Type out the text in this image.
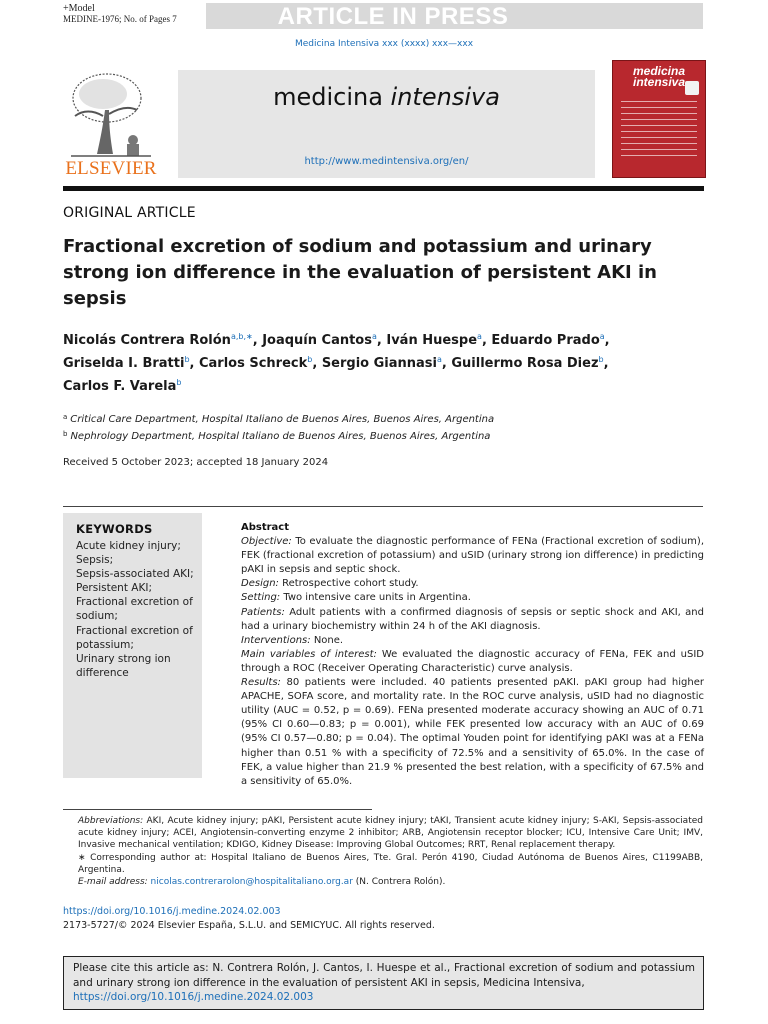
+Model
MEDINE-1976; No. of Pages 7	ARTICLE IN PRESS
Medicina Intensiva xxx (xxxx) xxx—xxx
ELSEVIER
medicina intensiva
http://www.medintensiva.org/en/
medicina
intensiva
ORIGINAL ARTICLE
Fractional excretion of sodium and potassium and urinary strong ion difference in the evaluation of persistent AKI in sepsis
Nicolás Contrera Rolón$^{a,b,∗}$, Joaquín Cantos$^a$, Iván Huespe$^a$, Eduardo Prado$^a$,
Griselda I. Bratti$^b$, Carlos Schreck$^b$, Sergio Giannasi$^a$, Guillermo Rosa Diez$^b$,
Carlos F. Varela$^b$
$^a$ Critical Care Department, Hospital Italiano de Buenos Aires, Buenos Aires, Argentina
$^b$ Nephrology Department, Hospital Italiano de Buenos Aires, Buenos Aires, Argentina
Received 5 October 2023; accepted 18 January 2024
KEYWORDS
Acute kidney injury;
Sepsis;
Sepsis-associated AKI;
Persistent AKI;
Fractional excretion of sodium;
Fractional excretion of potassium;
Urinary strong ion difference

Abstract

Objective: To evaluate the diagnostic performance of FENa (Fractional excretion of sodium), FEK (fractional excretion of potassium) and uSID (urinary strong ion difference) in predicting pAKI in sepsis and septic shock.

Design: Retrospective cohort study.

Setting: Two intensive care units in Argentina.

Patients: Adult patients with a confirmed diagnosis of sepsis or septic shock and AKI, and had a urinary biochemistry within 24 h of the AKI diagnosis.

Interventions: None.

Main variables of interest: We evaluated the diagnostic accuracy of FENa, FEK and uSID through a ROC (Receiver Operating Characteristic) curve analysis.

Results: 80 patients were included. 40 patients presented pAKI. pAKI group had higher APACHE, SOFA score, and mortality rate. In the ROC curve analysis, uSID had no diagnostic utility (AUC = 0.52, p = 0.69). FENa presented moderate accuracy showing an AUC of 0.71 (95% CI 0.60—0.83; p = 0.001), while FEK presented low accuracy with an AUC of 0.69 (95% CI 0.57—0.80; p = 0.04). The optimal Youden point for identifying pAKI was at a FENa higher than 0.51 % with a specificity of 72.5% and a sensitivity of 65.0%. In the case of FEK, a value higher than 21.9 % presented the best relation, with a specificity of 67.5% and a sensitivity of 65.0%.

Abbreviations: AKI, Acute kidney injury; pAKI, Persistent acute kidney injury; tAKI, Transient acute kidney injury; S-AKI, Sepsis-associated acute kidney injury; ACEI, Angiotensin-converting enzyme 2 inhibitor; ARB, Angiotensin receptor blocker; ICU, Intensive Care Unit; IMV, Invasive mechanical ventilation; KDIGO, Kidney Disease: Improving Global Outcomes; RRT, Renal replacement therapy.

∗ Corresponding author at: Hospital Italiano de Buenos Aires, Tte. Gral. Perón 4190, Ciudad Autónoma de Buenos Aires, C1199ABB, Argentina.

E-mail address: nicolas.contrerarolon@hospitalitaliano.org.ar (N. Contrera Rolón).

https://doi.org/10.1016/j.medine.2024.02.003
2173-5727/© 2024 Elsevier España, S.L.U. and SEMICYUC. All rights reserved.

Please cite this article as: N. Contrera Rolón, J. Cantos, I. Huespe et al., Fractional excretion of sodium and potassium and urinary strong ion difference in the evaluation of persistent AKI in sepsis, Medicina Intensiva,
https://doi.org/10.1016/j.medine.2024.02.003
